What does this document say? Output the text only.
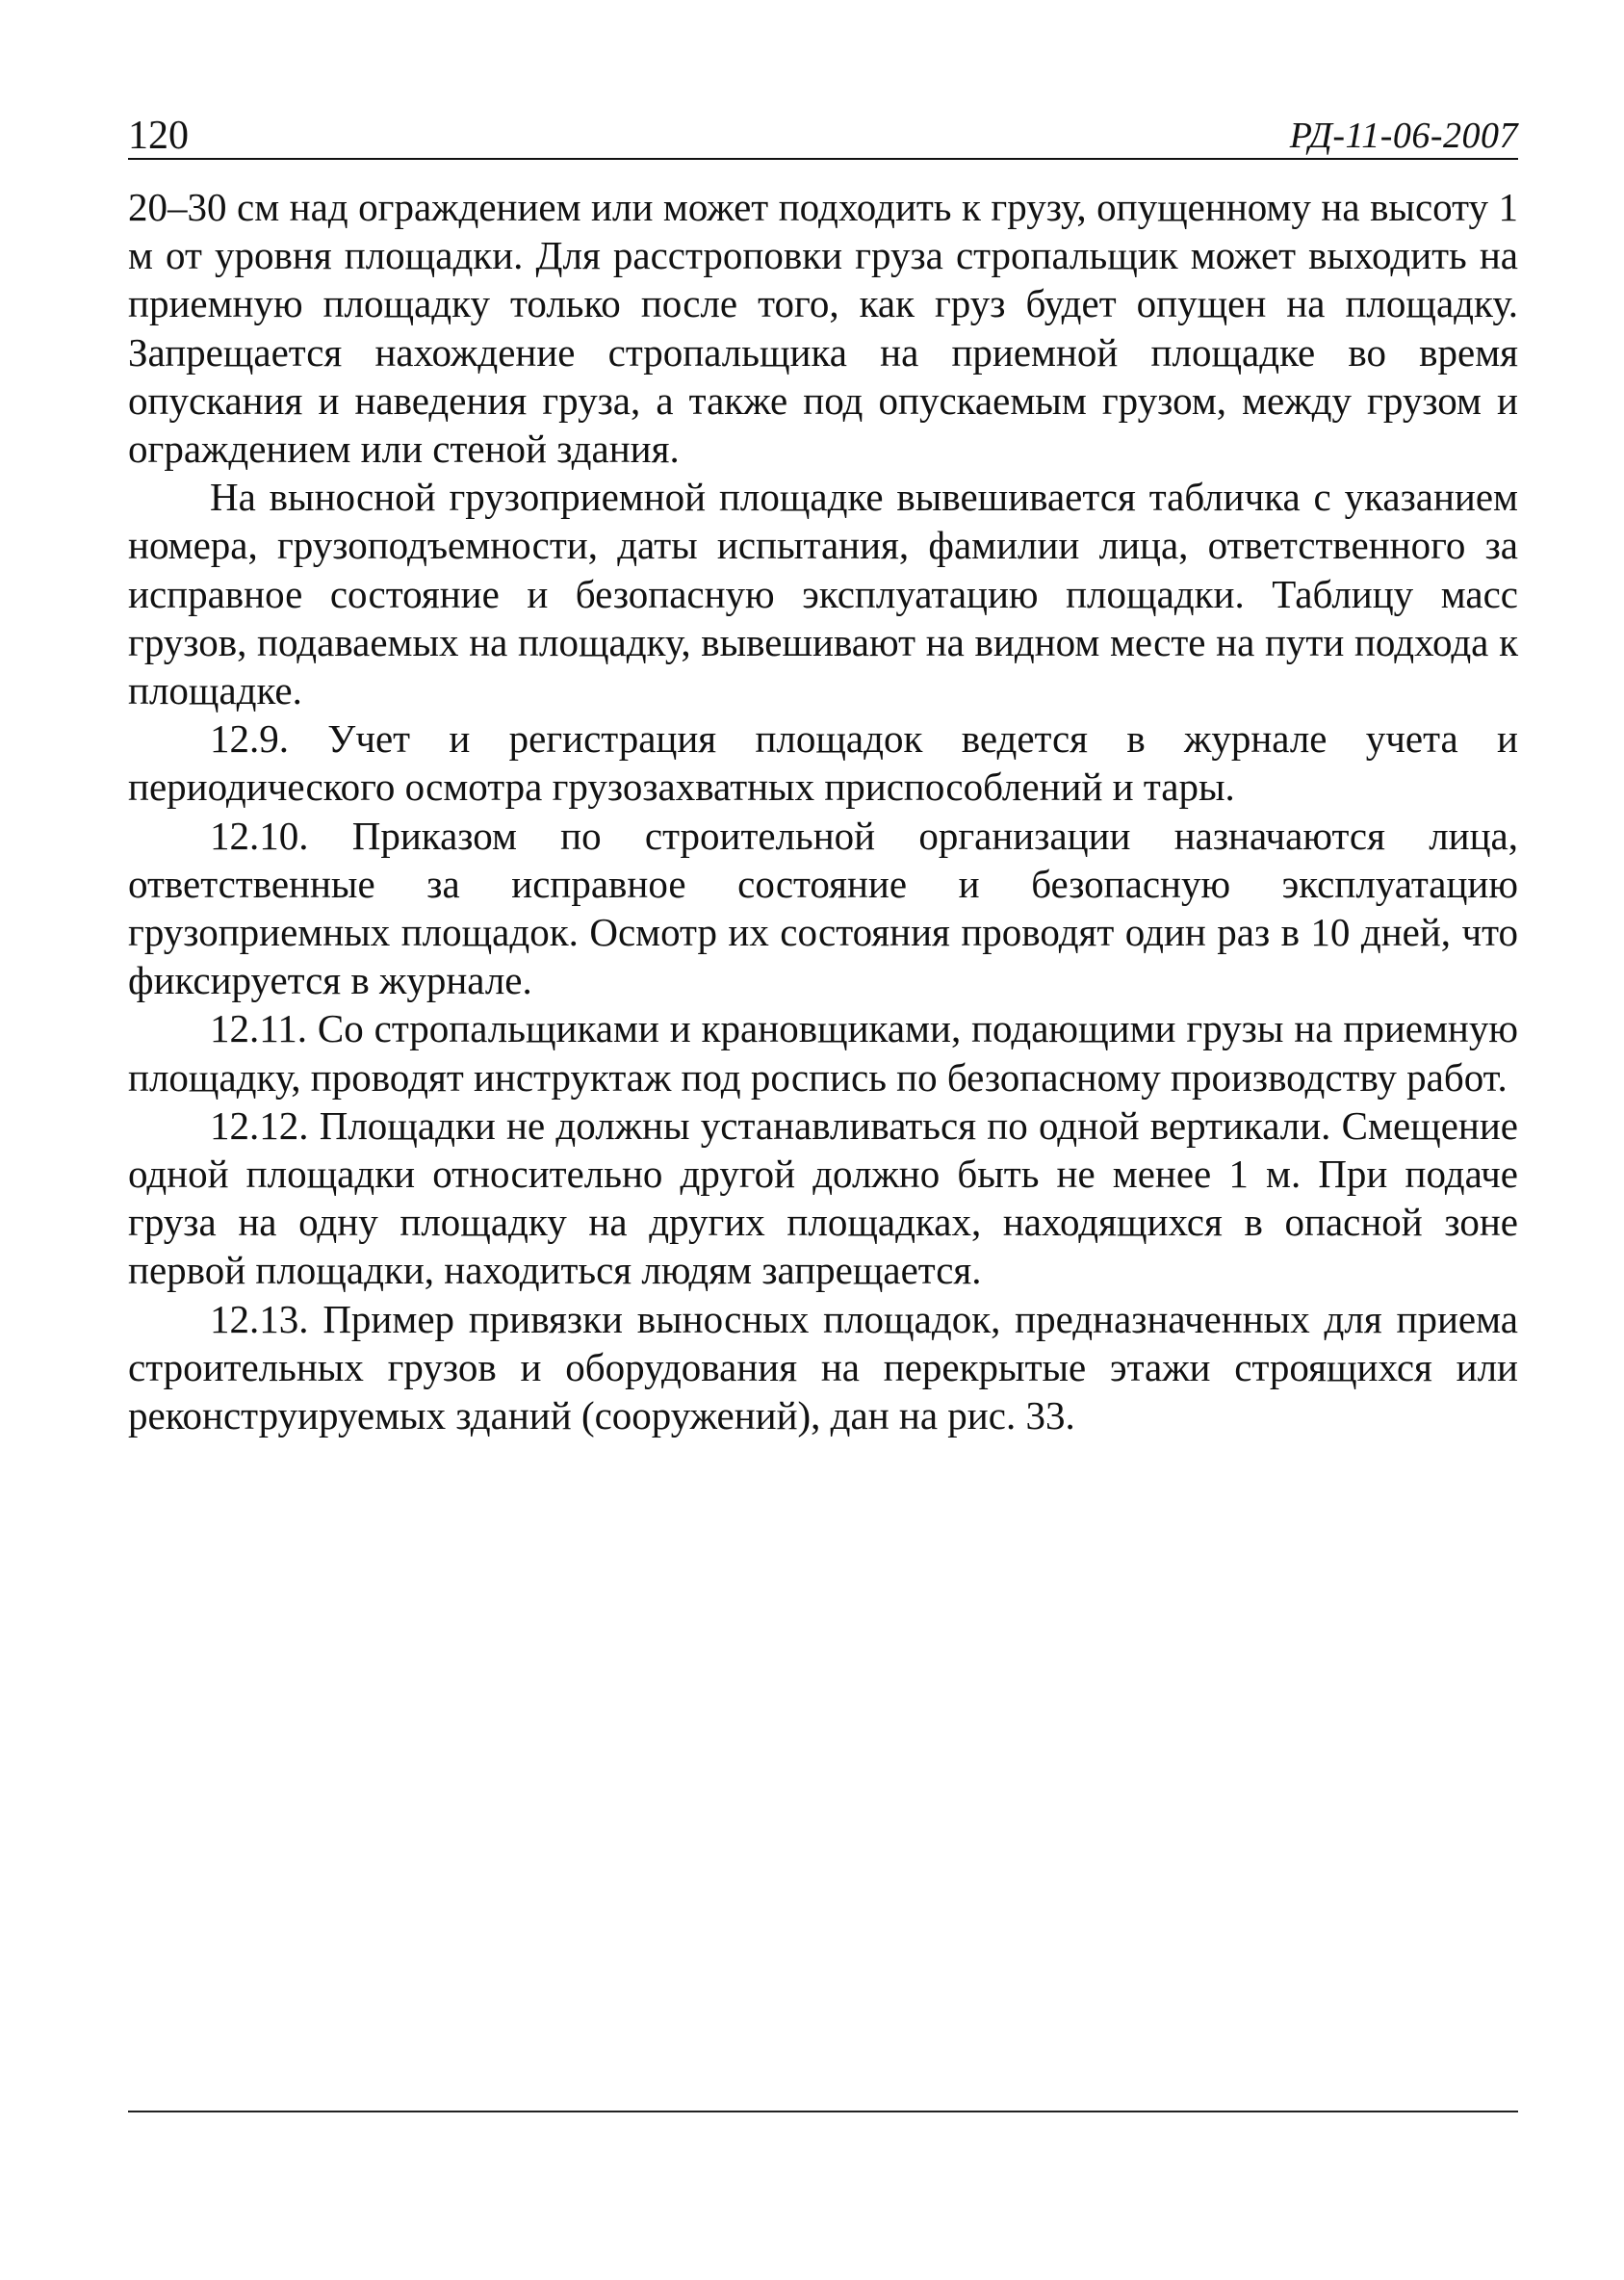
120	РД-11-06-2007

20–30 см над ограждением или может подходить к грузу, опущенному на высоту 1 м от уровня площадки. Для расстроповки груза стропальщик может выходить на приемную площадку только после того, как груз будет опущен на площадку. Запрещается нахождение стропальщика на приемной площадке во время опускания и наведения груза, а также под опускаемым грузом, между грузом и ограждением или стеной здания.

На выносной грузоприемной площадке вывешивается табличка с указанием номера, грузоподъемности, даты испытания, фамилии лица, ответственного за исправное состояние и безопасную эксплуатацию площадки. Таблицу масс грузов, подаваемых на площадку, вывешивают на видном месте на пути подхода к площадке.

12.9. Учет и регистрация площадок ведется в журнале учета и периодического осмотра грузозахватных приспособлений и тары.

12.10. Приказом по строительной организации назначаются лица, ответственные за исправное состояние и безопасную эксплуатацию грузоприемных площадок. Осмотр их состояния проводят один раз в 10 дней, что фиксируется в журнале.

12.11. Со стропальщиками и крановщиками, подающими грузы на приемную площадку, проводят инструктаж под роспись по безопасному производству работ.

12.12. Площадки не должны устанавливаться по одной вертикали. Смещение одной площадки относительно другой должно быть не менее 1 м. При подаче груза на одну площадку на других площадках, находящихся в опасной зоне первой площадки, находиться людям запрещается.

12.13. Пример привязки выносных площадок, предназначенных для приема строительных грузов и оборудования на перекрытые этажи строящихся или реконструируемых зданий (сооружений), дан на рис. 33.
